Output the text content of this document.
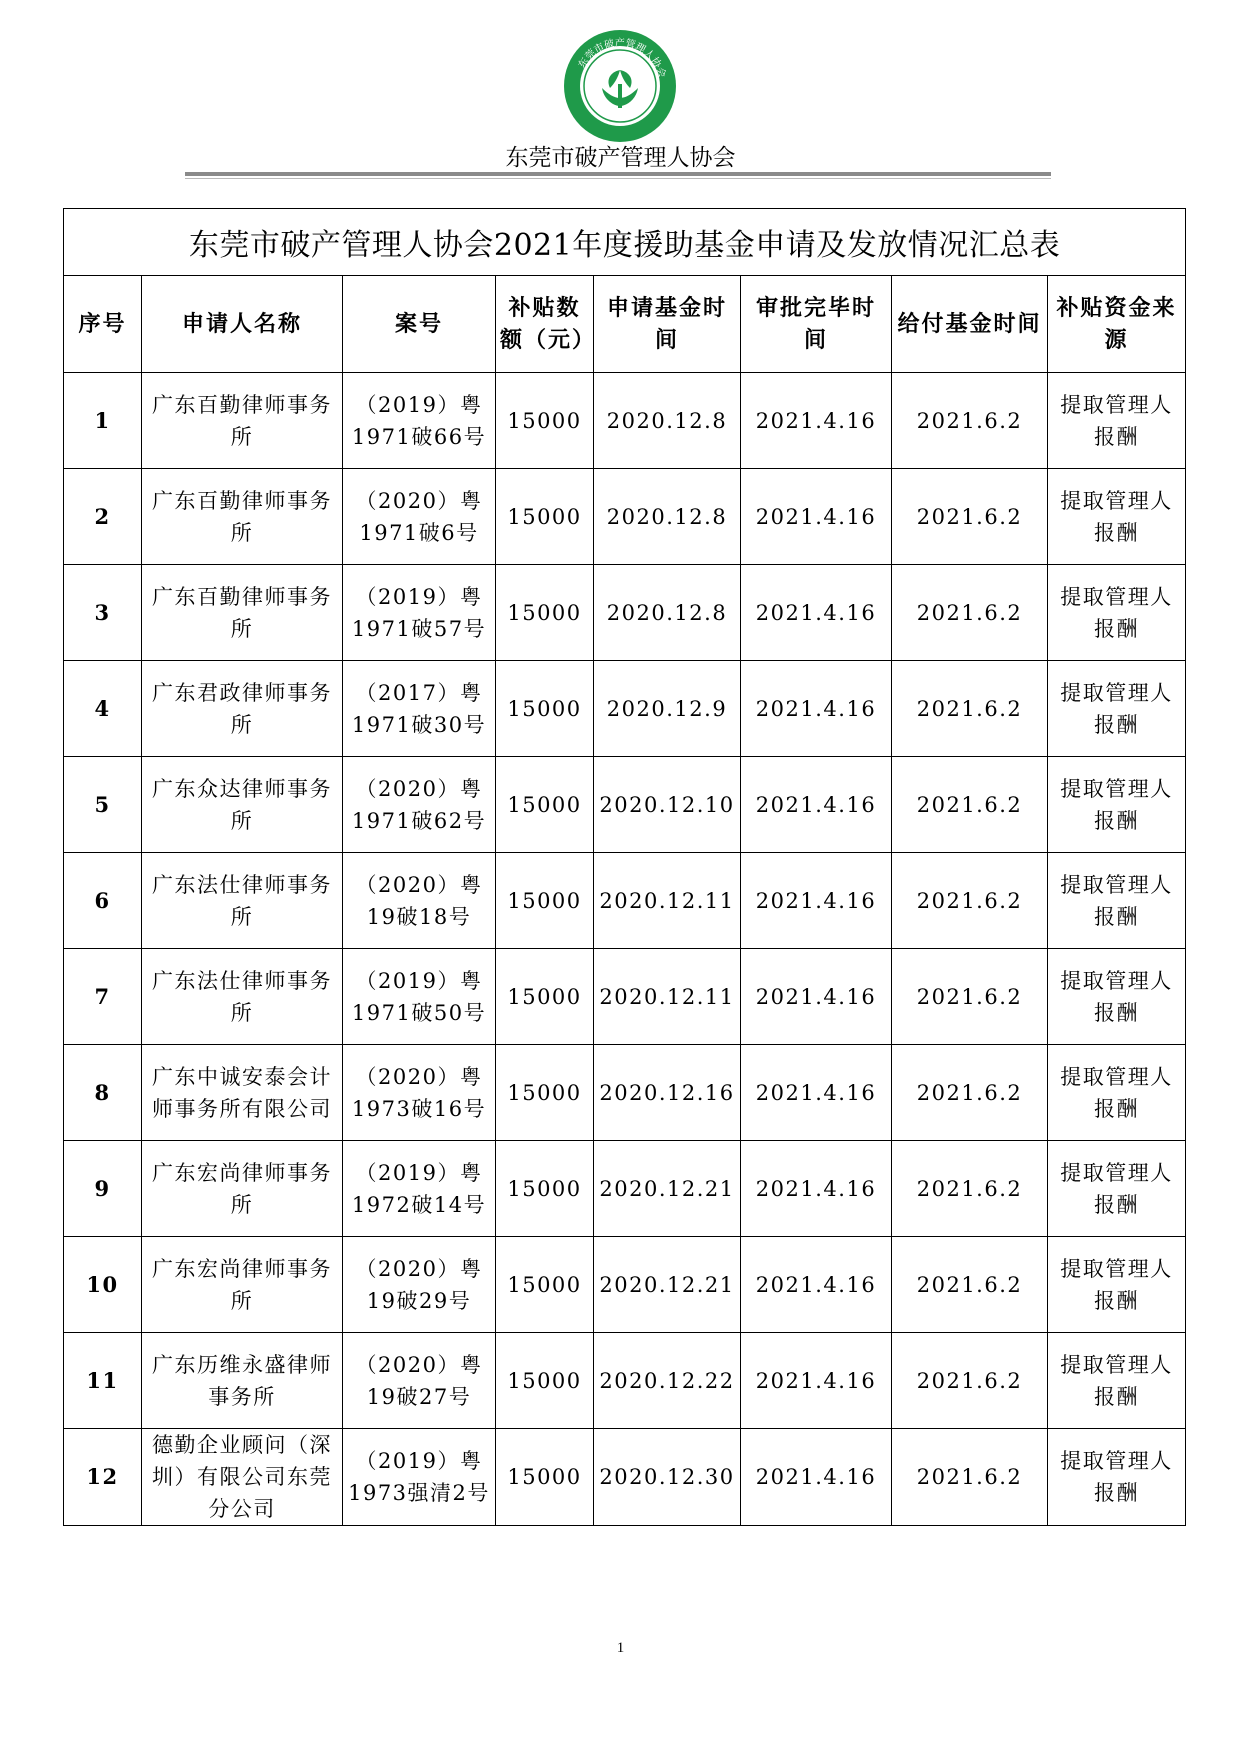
东莞市破产管理人协会
东莞市破产管理人协会
东莞市破产管理人协会2021年度援助基金申请及发放情况汇总表							
序号	申请人名称	案号	补贴数额（元）	申请基金时间	审批完毕时间	给付基金时间	补贴资金来源
1	广东百勤律师事务所	（2019）粤1971破66号	15000	2020.12.8	2021.4.16	2021.6.2	提取管理人报酬
2	广东百勤律师事务所	（2020）粤1971破6号	15000	2020.12.8	2021.4.16	2021.6.2	提取管理人报酬
3	广东百勤律师事务所	（2019）粤1971破57号	15000	2020.12.8	2021.4.16	2021.6.2	提取管理人报酬
4	广东君政律师事务所	（2017）粤1971破30号	15000	2020.12.9	2021.4.16	2021.6.2	提取管理人报酬
5	广东众达律师事务所	（2020）粤1971破62号	15000	2020.12.10	2021.4.16	2021.6.2	提取管理人报酬
6	广东法仕律师事务所	（2020）粤19破18号	15000	2020.12.11	2021.4.16	2021.6.2	提取管理人报酬
7	广东法仕律师事务所	（2019）粤1971破50号	15000	2020.12.11	2021.4.16	2021.6.2	提取管理人报酬
8	广东中诚安泰会计师事务所有限公司	（2020）粤1973破16号	15000	2020.12.16	2021.4.16	2021.6.2	提取管理人报酬
9	广东宏尚律师事务所	（2019）粤1972破14号	15000	2020.12.21	2021.4.16	2021.6.2	提取管理人报酬
10	广东宏尚律师事务所	（2020）粤19破29号	15000	2020.12.21	2021.4.16	2021.6.2	提取管理人报酬
11	广东历维永盛律师事务所	（2020）粤19破27号	15000	2020.12.22	2021.4.16	2021.6.2	提取管理人报酬
12	德勤企业顾问（深圳）有限公司东莞分公司	（2019）粤1973强清2号	15000	2020.12.30	2021.4.16	2021.6.2	提取管理人报酬
1
